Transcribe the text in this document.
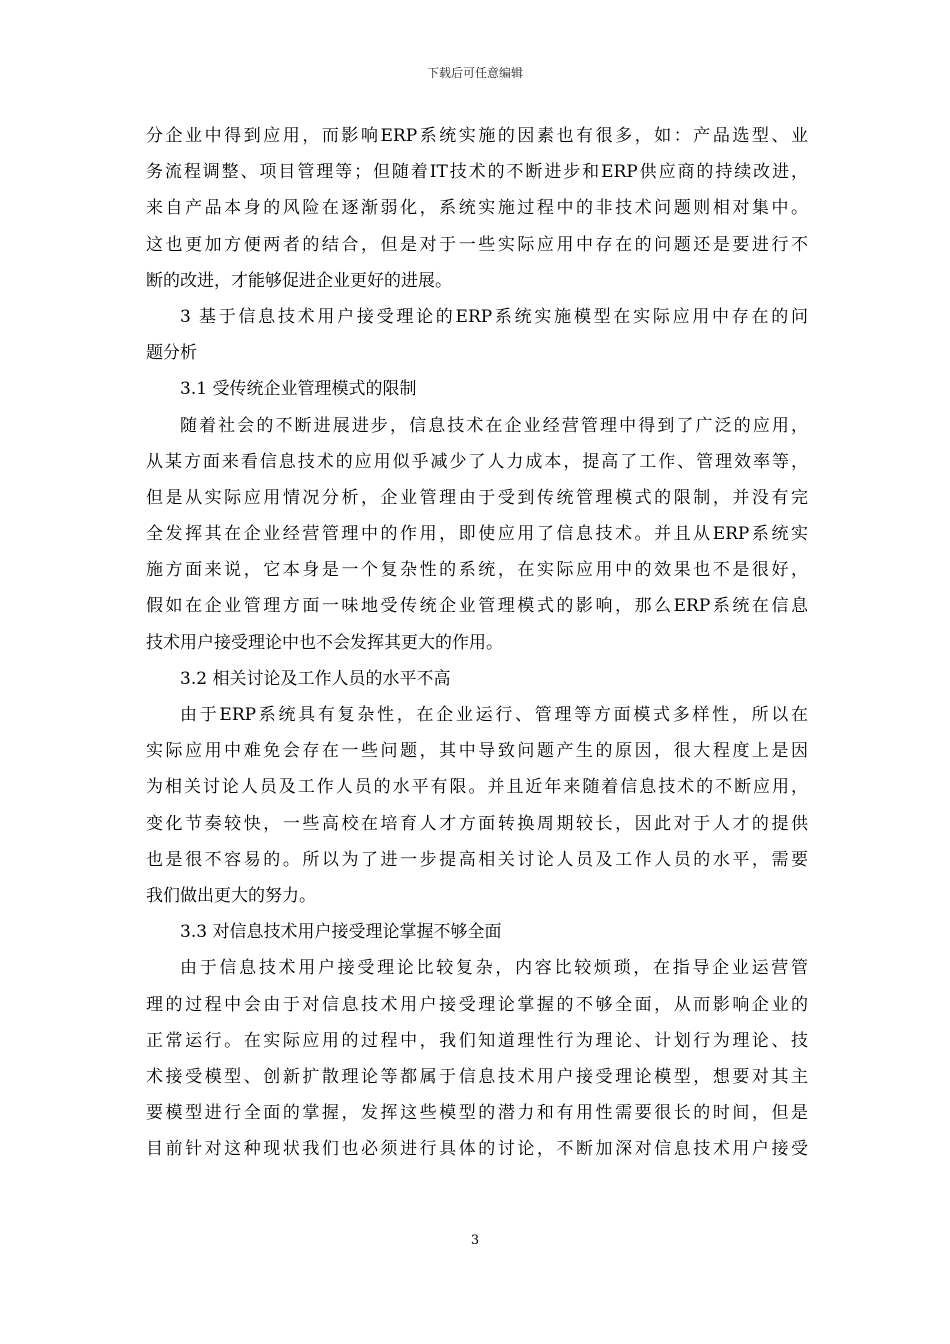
下载后可任意编辑
分企业中得到应用，而影响ERP系统实施的因素也有很多，如：产品选型、业
务流程调整、项目管理等；但随着IT技术的不断进步和ERP供应商的持续改进，
来自产品本身的风险在逐渐弱化，系统实施过程中的非技术问题则相对集中。
这也更加方便两者的结合，但是对于一些实际应用中存在的问题还是要进行不
断的改进，才能够促进企业更好的进展。
3 基于信息技术用户接受理论的ERP系统实施模型在实际应用中存在的问
题分析
3.1 受传统企业管理模式的限制
随着社会的不断进展进步，信息技术在企业经营管理中得到了广泛的应用，
从某方面来看信息技术的应用似乎减少了人力成本，提高了工作、管理效率等，
但是从实际应用情况分析，企业管理由于受到传统管理模式的限制，并没有完
全发挥其在企业经营管理中的作用，即使应用了信息技术。并且从ERP系统实
施方面来说，它本身是一个复杂性的系统，在实际应用中的效果也不是很好，
假如在企业管理方面一味地受传统企业管理模式的影响，那么ERP系统在信息
技术用户接受理论中也不会发挥其更大的作用。
3.2 相关讨论及工作人员的水平不高
由于ERP系统具有复杂性，在企业运行、管理等方面模式多样性，所以在
实际应用中难免会存在一些问题，其中导致问题产生的原因，很大程度上是因
为相关讨论人员及工作人员的水平有限。并且近年来随着信息技术的不断应用，
变化节奏较快，一些高校在培育人才方面转换周期较长，因此对于人才的提供
也是很不容易的。所以为了进一步提高相关讨论人员及工作人员的水平，需要
我们做出更大的努力。
3.3 对信息技术用户接受理论掌握不够全面
由于信息技术用户接受理论比较复杂，内容比较烦琐，在指导企业运营管
理的过程中会由于对信息技术用户接受理论掌握的不够全面，从而影响企业的
正常运行。在实际应用的过程中，我们知道理性行为理论、计划行为理论、技
术接受模型、创新扩散理论等都属于信息技术用户接受理论模型，想要对其主
要模型进行全面的掌握，发挥这些模型的潜力和有用性需要很长的时间，但是
目前针对这种现状我们也必须进行具体的讨论，不断加深对信息技术用户接受
3
